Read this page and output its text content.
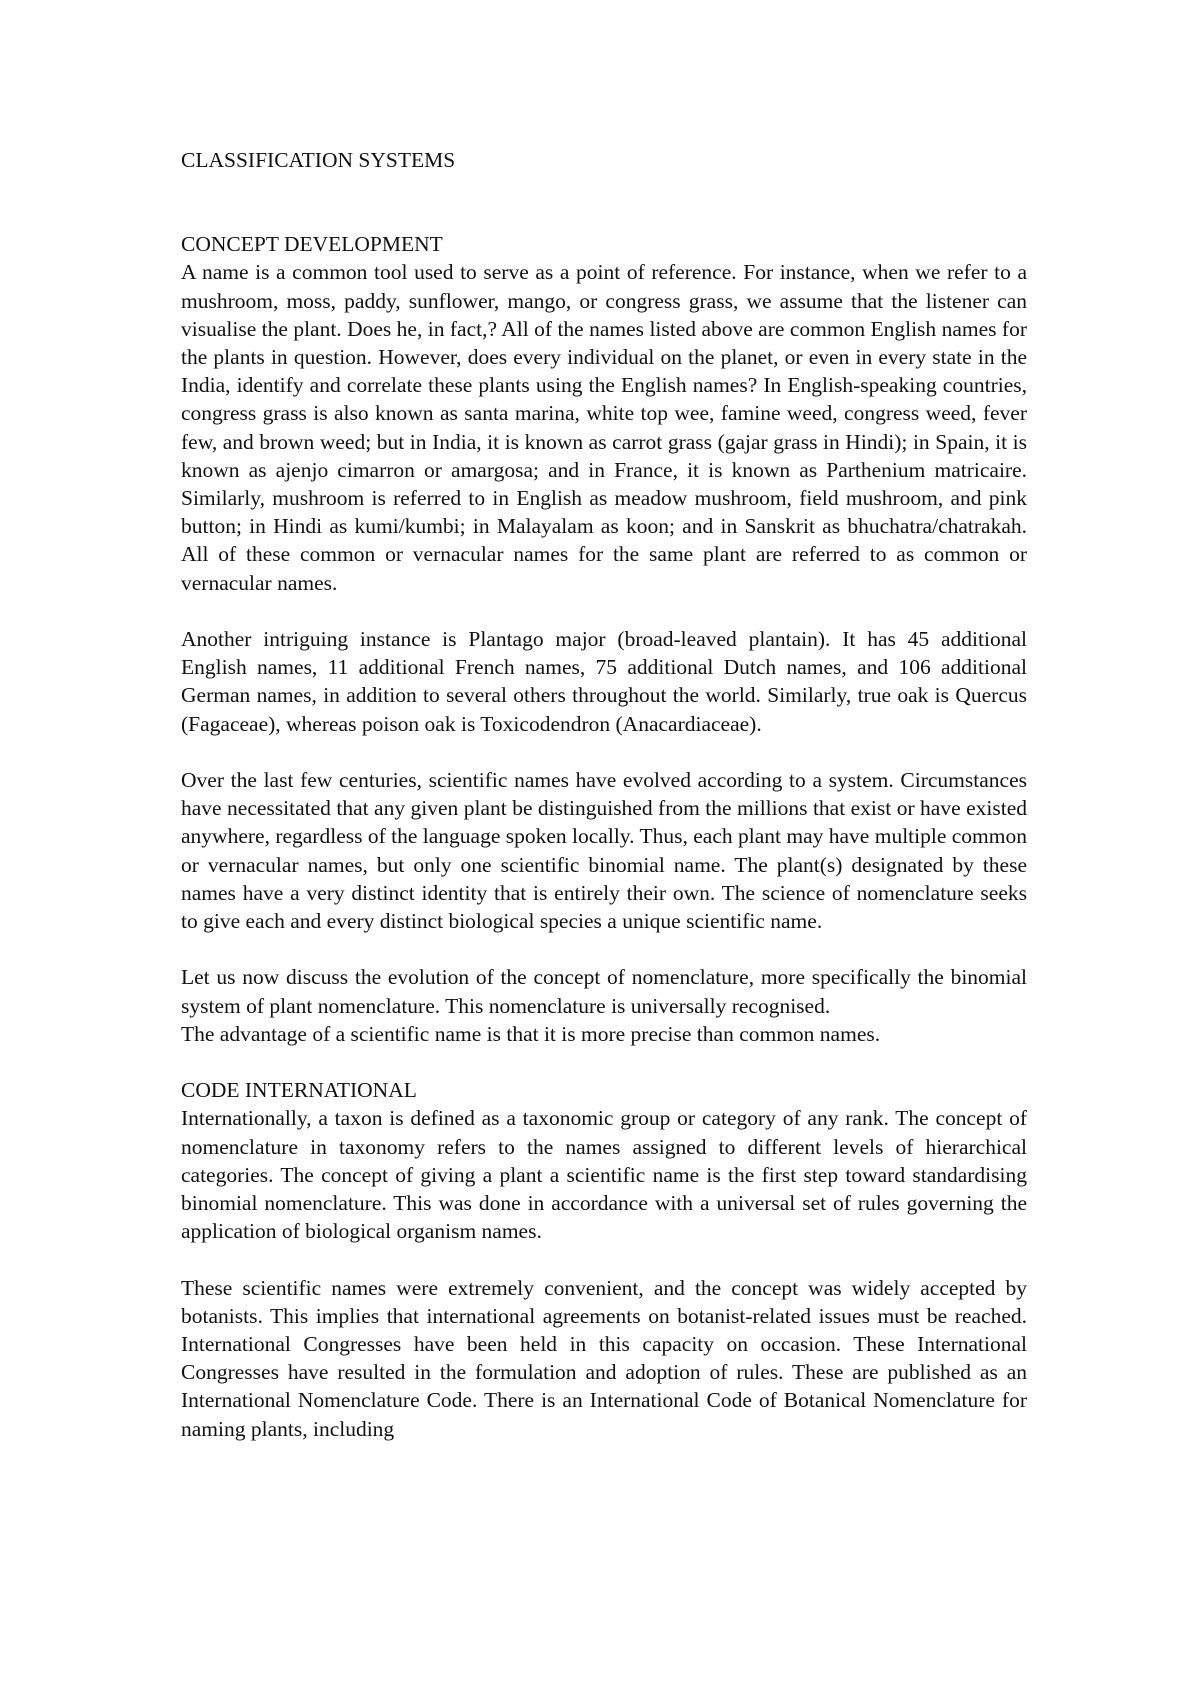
CLASSIFICATION SYSTEMS
CONCEPT DEVELOPMENT

A name is a common tool used to serve as a point of reference. For instance, when we refer to a mushroom, moss, paddy, sunflower, mango, or congress grass, we assume that the listener can visualise the plant. Does he, in fact,? All of the names listed above are common English names for the plants in question. However, does every individual on the planet, or even in every state in the India, identify and correlate these plants using the English names? In English-speaking countries, congress grass is also known as santa marina, white top wee, famine weed, congress weed, fever few, and brown weed; but in India, it is known as carrot grass (gajar grass in Hindi); in Spain, it is known as ajenjo cimarron or amargosa; and in France, it is known as Parthenium matricaire. Similarly, mushroom is referred to in English as meadow mushroom, field mushroom, and pink button; in Hindi as kumi/kumbi; in Malayalam as koon; and in Sanskrit as bhuchatra/chatrakah. All of these common or vernacular names for the same plant are referred to as common or vernacular names.

Another intriguing instance is Plantago major (broad-leaved plantain). It has 45 additional English names, 11 additional French names, 75 additional Dutch names, and 106 additional German names, in addition to several others throughout the world. Similarly, true oak is Quercus (Fagaceae), whereas poison oak is Toxicodendron (Anacardiaceae).

Over the last few centuries, scientific names have evolved according to a system. Circumstances have necessitated that any given plant be distinguished from the millions that exist or have existed anywhere, regardless of the language spoken locally. Thus, each plant may have multiple common or vernacular names, but only one scientific binomial name. The plant(s) designated by these names have a very distinct identity that is entirely their own. The science of nomenclature seeks to give each and every distinct biological species a unique scientific name.

Let us now discuss the evolution of the concept of nomenclature, more specifically the binomial system of plant nomenclature. This nomenclature is universally recognised.

The advantage of a scientific name is that it is more precise than common names.

CODE INTERNATIONAL

Internationally, a taxon is defined as a taxonomic group or category of any rank. The concept of nomenclature in taxonomy refers to the names assigned to different levels of hierarchical categories. The concept of giving a plant a scientific name is the first step toward standardising binomial nomenclature. This was done in accordance with a universal set of rules governing the application of biological organism names.

These scientific names were extremely convenient, and the concept was widely accepted by botanists. This implies that international agreements on botanist-related issues must be reached. International Congresses have been held in this capacity on occasion. These International Congresses have resulted in the formulation and adoption of rules. These are published as an International Nomenclature Code. There is an International Code of Botanical Nomenclature for naming plants, including
